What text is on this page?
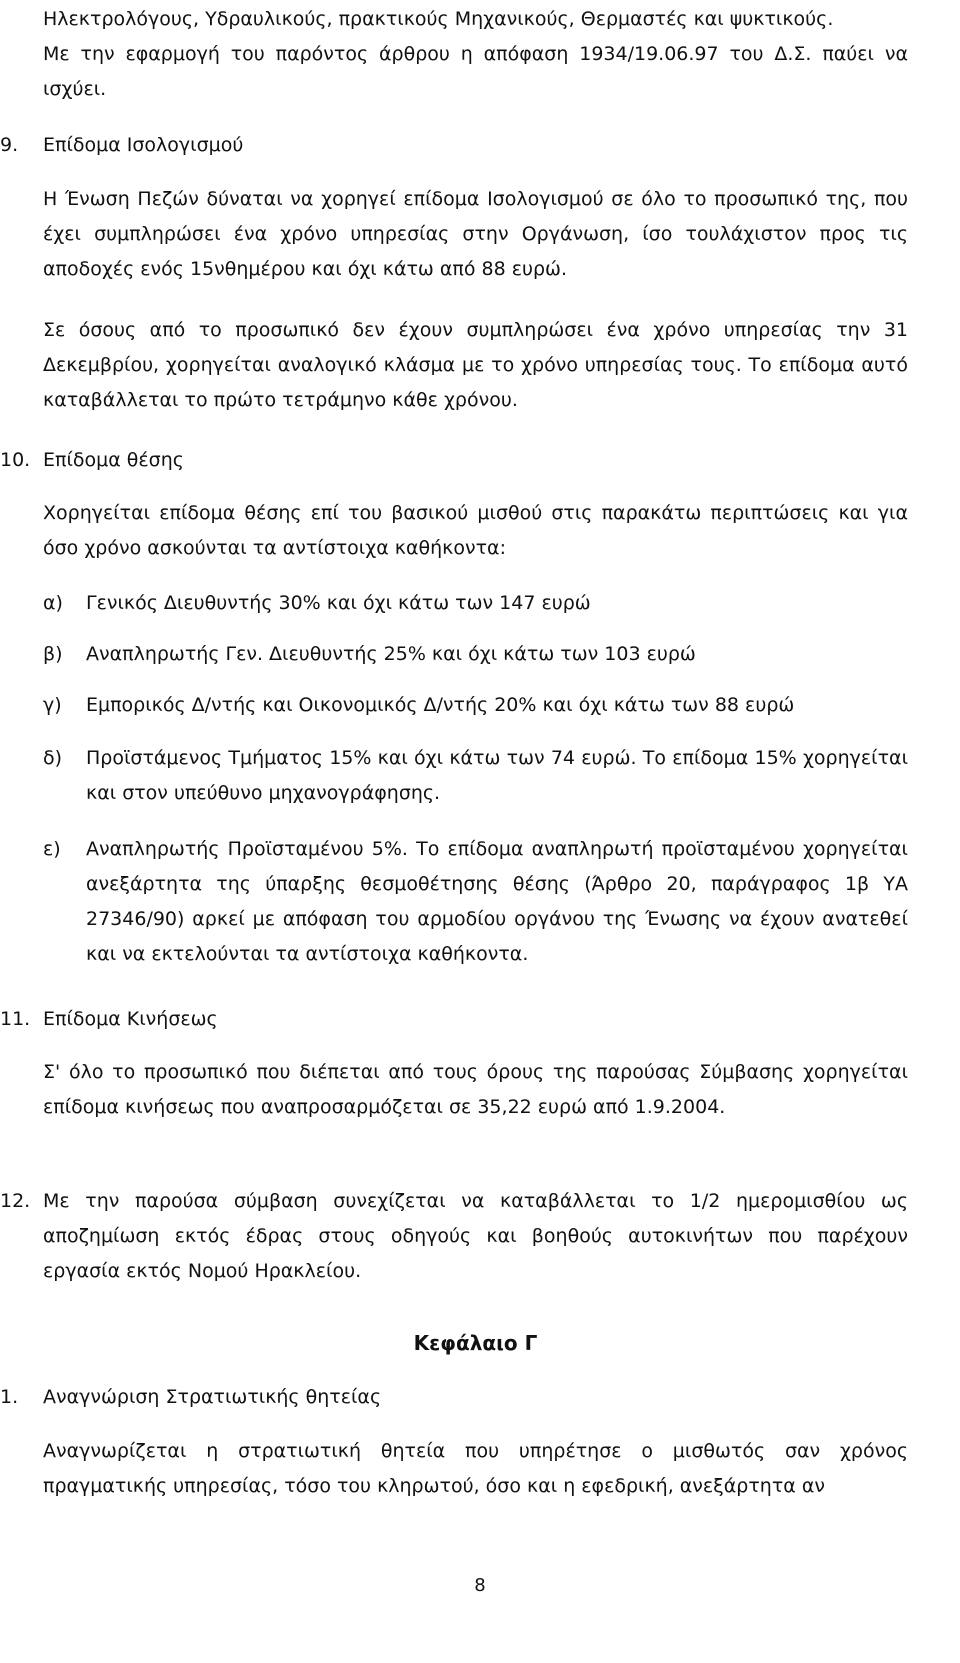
Ηλεκτρολόγους, Υδραυλικούς, πρακτικούς Μηχανικούς, Θερμαστές και ψυκτικούς.

Με την εφαρμογή του παρόντος άρθρου η απόφαση 1934/19.06.97 του Δ.Σ. παύει να ισχύει.

9. Επίδομα Ισολογισμού

Η Ένωση Πεζών δύναται να χορηγεί επίδομα Ισολογισμού σε όλο το προσωπικό της, που έχει συμπληρώσει ένα χρόνο υπηρεσίας στην Οργάνωση, ίσο τουλάχιστον προς τις αποδοχές ενός 15νθημέρου και όχι κάτω από 88 ευρώ.

Σε όσους από το προσωπικό δεν έχουν συμπληρώσει ένα χρόνο υπηρεσίας την 31 Δεκεμβρίου, χορηγείται αναλογικό κλάσμα με το χρόνο υπηρεσίας τους. Το επίδομα αυτό καταβάλλεται το πρώτο τετράμηνο κάθε χρόνου.

10. Επίδομα θέσης

Χορηγείται επίδομα θέσης επί του βασικού μισθού στις παρακάτω περιπτώσεις και για όσο χρόνο ασκούνται τα αντίστοιχα καθήκοντα:

α) Γενικός Διευθυντής 30% και όχι κάτω των 147 ευρώ
β) Αναπληρωτής Γεν. Διευθυντής 25% και όχι κάτω των 103 ευρώ
γ) Εμπορικός Δ/ντής και Οικονομικός Δ/ντής 20% και όχι κάτω των 88 ευρώ
δ) Προϊστάμενος Τμήματος 15% και όχι κάτω των 74 ευρώ. Το επίδομα 15% χορηγείται και στον υπεύθυνο μηχανογράφησης.
ε) Αναπληρωτής Προϊσταμένου 5%. Το επίδομα αναπληρωτή προϊσταμένου χορηγείται ανεξάρτητα της ύπαρξης θεσμοθέτησης θέσης (Άρθρο 20, παράγραφος 1β ΥΑ 27346/90) αρκεί με απόφαση του αρμοδίου οργάνου της Ένωσης να έχουν ανατεθεί και να εκτελούνται τα αντίστοιχα καθήκοντα.
11. Επίδομα Κινήσεως

Σ' όλο το προσωπικό που διέπεται από τους όρους της παρούσας Σύμβασης χορηγείται επίδομα κινήσεως που αναπροσαρμόζεται σε 35,22 ευρώ από 1.9.2004.

12. Με την παρούσα σύμβαση συνεχίζεται να καταβάλλεται το 1/2 ημερομισθίου ως αποζημίωση εκτός έδρας στους οδηγούς και βοηθούς αυτοκινήτων που παρέχουν εργασία εκτός Νομού Ηρακλείου.

Κεφάλαιο Γ
1. Αναγνώριση Στρατιωτικής θητείας

Αναγνωρίζεται η στρατιωτική θητεία που υπηρέτησε ο μισθωτός σαν χρόνος πραγματικής υπηρεσίας, τόσο του κληρωτού, όσο και η εφεδρική, ανεξάρτητα αν

8
